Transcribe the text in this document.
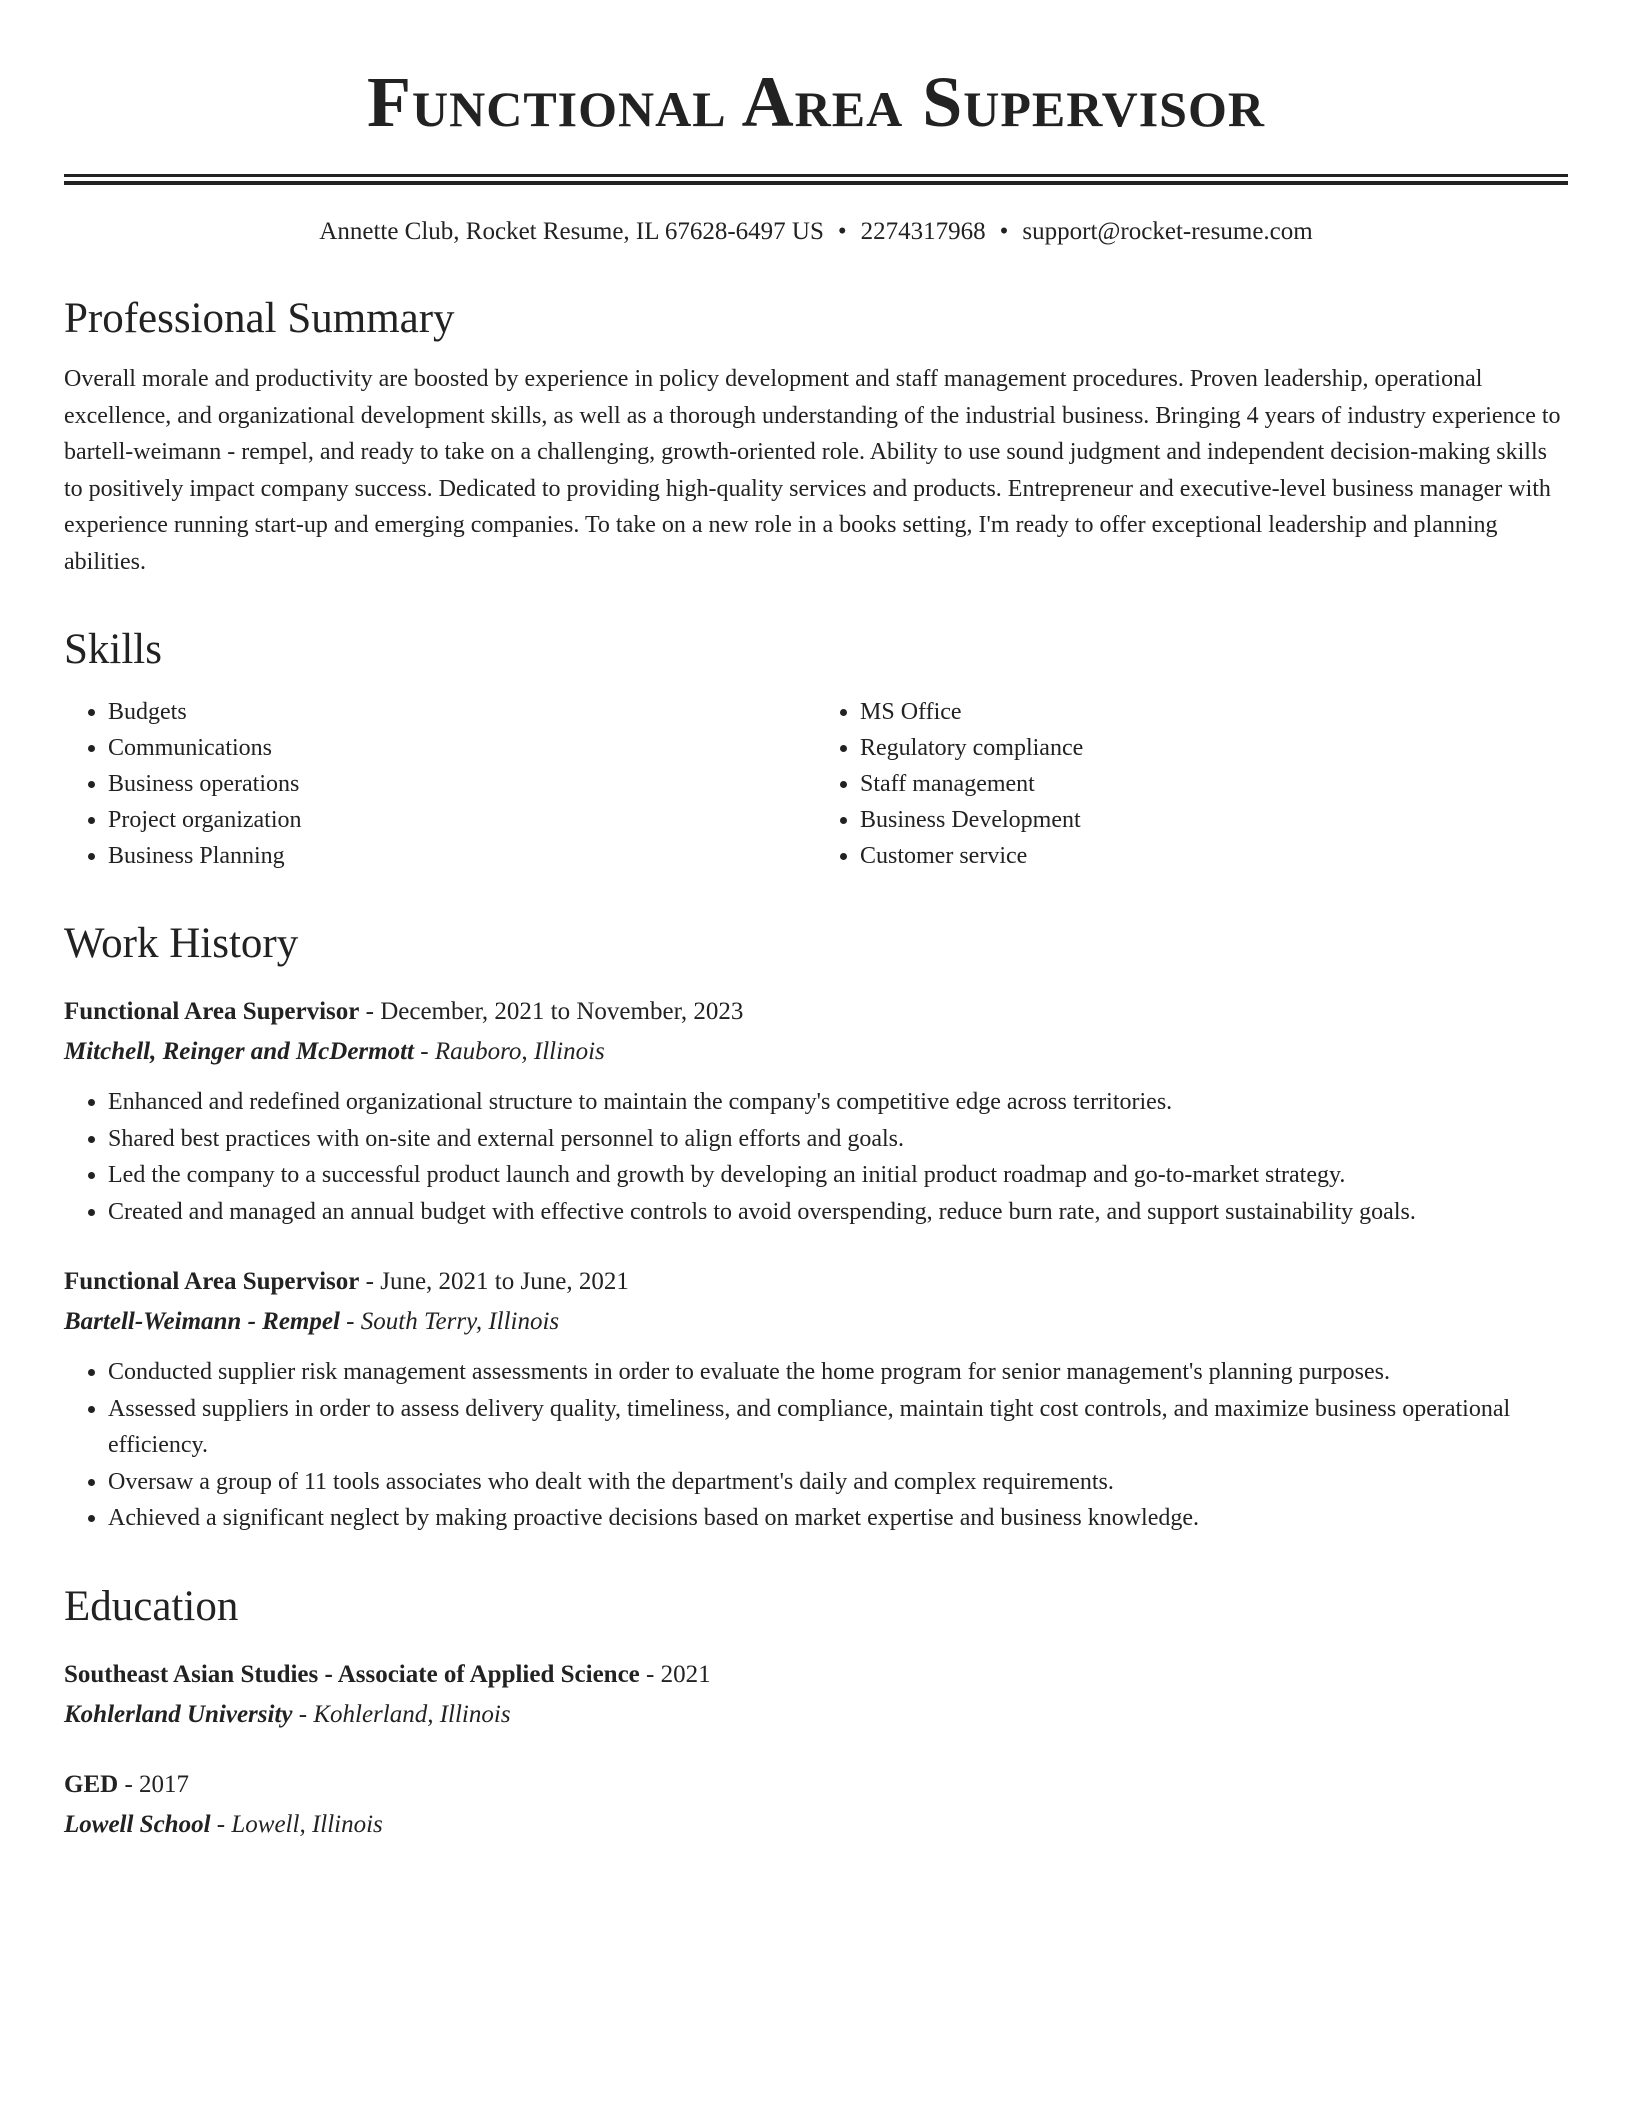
Functional Area Supervisor
Annette Club, Rocket Resume, IL 67628-6497 US • 2274317968 • support@rocket-resume.com
Professional Summary

Overall morale and productivity are boosted by experience in policy development and staff management procedures. Proven leadership, operational excellence, and organizational development skills, as well as a thorough understanding of the industrial business. Bringing 4 years of industry experience to bartell-weimann - rempel, and ready to take on a challenging, growth-oriented role. Ability to use sound judgment and independent decision-making skills to positively impact company success. Dedicated to providing high-quality services and products. Entrepreneur and executive-level business manager with experience running start-up and emerging companies. To take on a new role in a books setting, I'm ready to offer exceptional leadership and planning abilities.

Skills
• Budgets
• Communications
• Business operations
• Project organization
• Business Planning
• MS Office
• Regulatory compliance
• Staff management
• Business Development
• Customer service
Work History
Functional Area Supervisor - December, 2021 to November, 2023
Mitchell, Reinger and McDermott - Rauboro, Illinois
• Enhanced and redefined organizational structure to maintain the company's competitive edge across territories.
• Shared best practices with on-site and external personnel to align efforts and goals.
• Led the company to a successful product launch and growth by developing an initial product roadmap and go-to-market strategy.
• Created and managed an annual budget with effective controls to avoid overspending, reduce burn rate, and support sustainability goals.
Functional Area Supervisor - June, 2021 to June, 2021
Bartell-Weimann - Rempel - South Terry, Illinois
• Conducted supplier risk management assessments in order to evaluate the home program for senior management's planning purposes.
• Assessed suppliers in order to assess delivery quality, timeliness, and compliance, maintain tight cost controls, and maximize business operational efficiency.
• Oversaw a group of 11 tools associates who dealt with the department's daily and complex requirements.
• Achieved a significant neglect by making proactive decisions based on market expertise and business knowledge.
Education
Southeast Asian Studies - Associate of Applied Science - 2021
Kohlerland University - Kohlerland, Illinois
GED - 2017
Lowell School - Lowell, Illinois
